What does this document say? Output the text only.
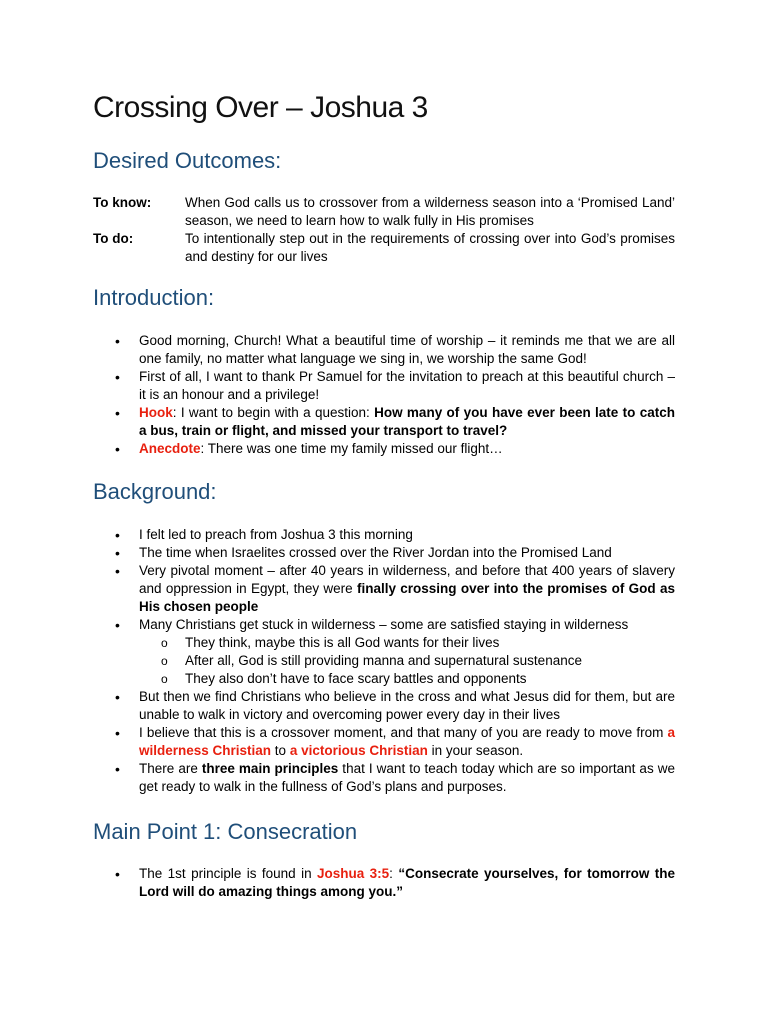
Crossing Over – Joshua 3
Desired Outcomes:
To know:	When God calls us to crossover from a wilderness season into a ‘Promised Land’ season, we need to learn how to walk fully in His promises
To do:	To intentionally step out in the requirements of crossing over into God’s promises and destiny for our lives
Introduction:
• Good morning, Church! What a beautiful time of worship – it reminds me that we are all one family, no matter what language we sing in, we worship the same God!
• First of all, I want to thank Pr Samuel for the invitation to preach at this beautiful church – it is an honour and a privilege!
• Hook: I want to begin with a question: How many of you have ever been late to catch a bus, train or flight, and missed your transport to travel?
• Anecdote: There was one time my family missed our flight…
Background:
• I felt led to preach from Joshua 3 this morning
• The time when Israelites crossed over the River Jordan into the Promised Land
• Very pivotal moment – after 40 years in wilderness, and before that 400 years of slavery and oppression in Egypt, they were finally crossing over into the promises of God as His chosen people
• Many Christians get stuck in wilderness – some are satisfied staying in wilderness
o They think, maybe this is all God wants for their lives
o After all, God is still providing manna and supernatural sustenance
o They also don’t have to face scary battles and opponents
• But then we find Christians who believe in the cross and what Jesus did for them, but are unable to walk in victory and overcoming power every day in their lives
• I believe that this is a crossover moment, and that many of you are ready to move from a wilderness Christian to a victorious Christian in your season.
• There are three main principles that I want to teach today which are so important as we get ready to walk in the fullness of God’s plans and purposes.
Main Point 1: Consecration
• The 1st principle is found in Joshua 3:5: “Consecrate yourselves, for tomorrow the Lord will do amazing things among you.”
